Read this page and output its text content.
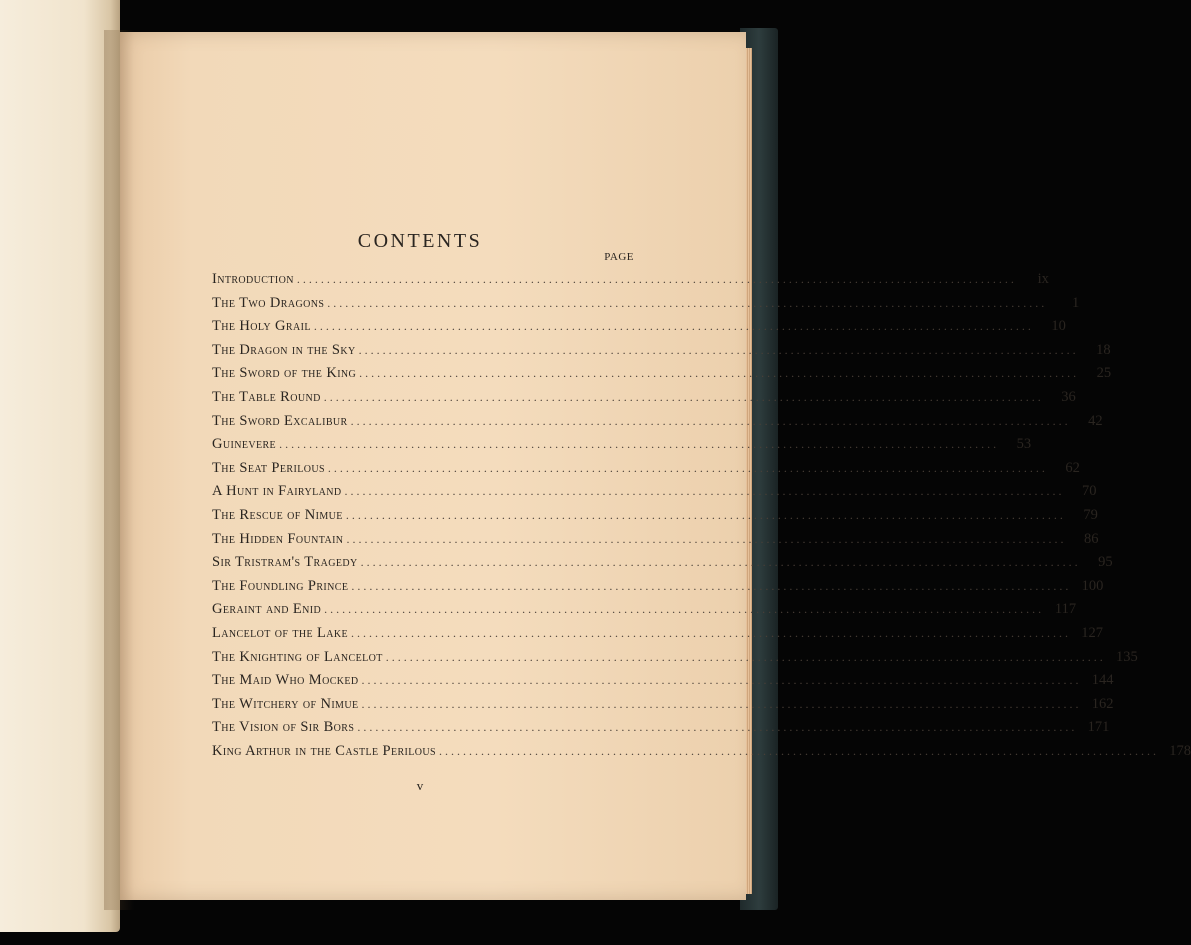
CONTENTS
PAGE
Introduction ........................................................................................................................	ix
The Two Dragons ........................................................................................................................	1
The Holy Grail ........................................................................................................................	10
The Dragon in the Sky ........................................................................................................................	18
The Sword of the King ........................................................................................................................	25
The Table Round ........................................................................................................................	36
The Sword Excalibur ........................................................................................................................	42
Guinevere ........................................................................................................................	53
The Seat Perilous ........................................................................................................................	62
A Hunt in Fairyland ........................................................................................................................	70
The Rescue of Nimue ........................................................................................................................	79
The Hidden Fountain ........................................................................................................................	86
Sir Tristram's Tragedy ........................................................................................................................	95
The Foundling Prince ........................................................................................................................ 100
Geraint and Enid ........................................................................................................................ 117
Lancelot of the Lake ........................................................................................................................ 127
The Knighting of Lancelot ........................................................................................................................ 135
The Maid Who Mocked ........................................................................................................................ 144
The Witchery of Nimue ........................................................................................................................ 162
The Vision of Sir Bors ........................................................................................................................ 171
King Arthur in the Castle Perilous ........................................................................................................................ 178
v
